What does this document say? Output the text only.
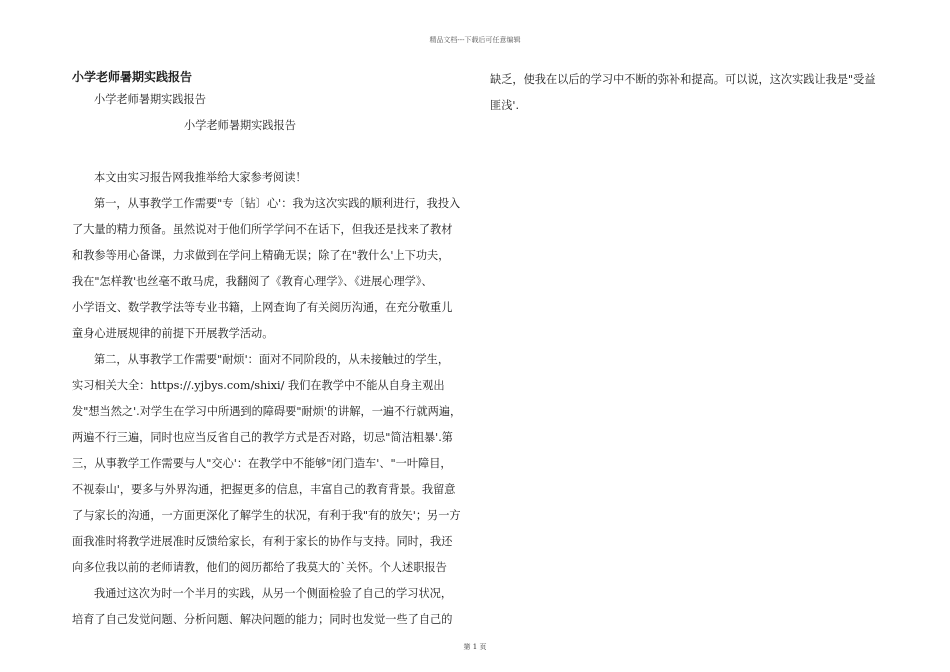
精品文档---下载后可任意编辑
小学老师暑期实践报告
小学老师暑期实践报告
小学老师暑期实践报告
本文由实习报告网我推举给大家参考阅读！
第一，从事教学工作需要"专〔钻〕心'：我为这次实践的顺利进行，我投入
了大量的精力预备。虽然说对于他们所学学问不在话下，但我还是找来了教材
和教参等用心备课，力求做到在学问上精确无误；除了在"教什么'上下功夫，
我在"怎样教'也丝毫不敢马虎，我翻阅了《教育心理学》、《进展心理学》、
小学语文、数学教学法等专业书籍，上网查询了有关阅历沟通，在充分敬重儿
童身心进展规律的前提下开展教学活动。
第二，从事教学工作需要"耐烦'：面对不同阶段的，从未接触过的学生，
实习相关大全：https://.yjbys.com/shixi/ 我们在教学中不能从自身主观出
发"想当然之'.对学生在学习中所遇到的障碍要"耐烦'的讲解，一遍不行就两遍，
两遍不行三遍，同时也应当反省自己的教学方式是否对路，切忌"简洁粗暴'.第
三，从事教学工作需要与人"交心'：在教学中不能够"闭门造车'、"一叶障目，
不视泰山'，要多与外界沟通，把握更多的信息，丰富自己的教育背景。我留意
了与家长的沟通，一方面更深化了解学生的状况，有利于我"有的放矢'；另一方
面我准时将教学进展准时反馈给家长，有利于家长的协作与支持。同时，我还
向多位我以前的老师请教，他们的阅历都给了我莫大的`关怀。个人述职报告
我通过这次为时一个半月的实践，从另一个侧面检验了自己的学习状况，
培育了自己发觉问题、分析问题、解决问题的能力；同时也发觉一些了自己的
缺乏，使我在以后的学习中不断的弥补和提高。可以说，这次实践让我是"受益
匪浅'.
第 1 页
